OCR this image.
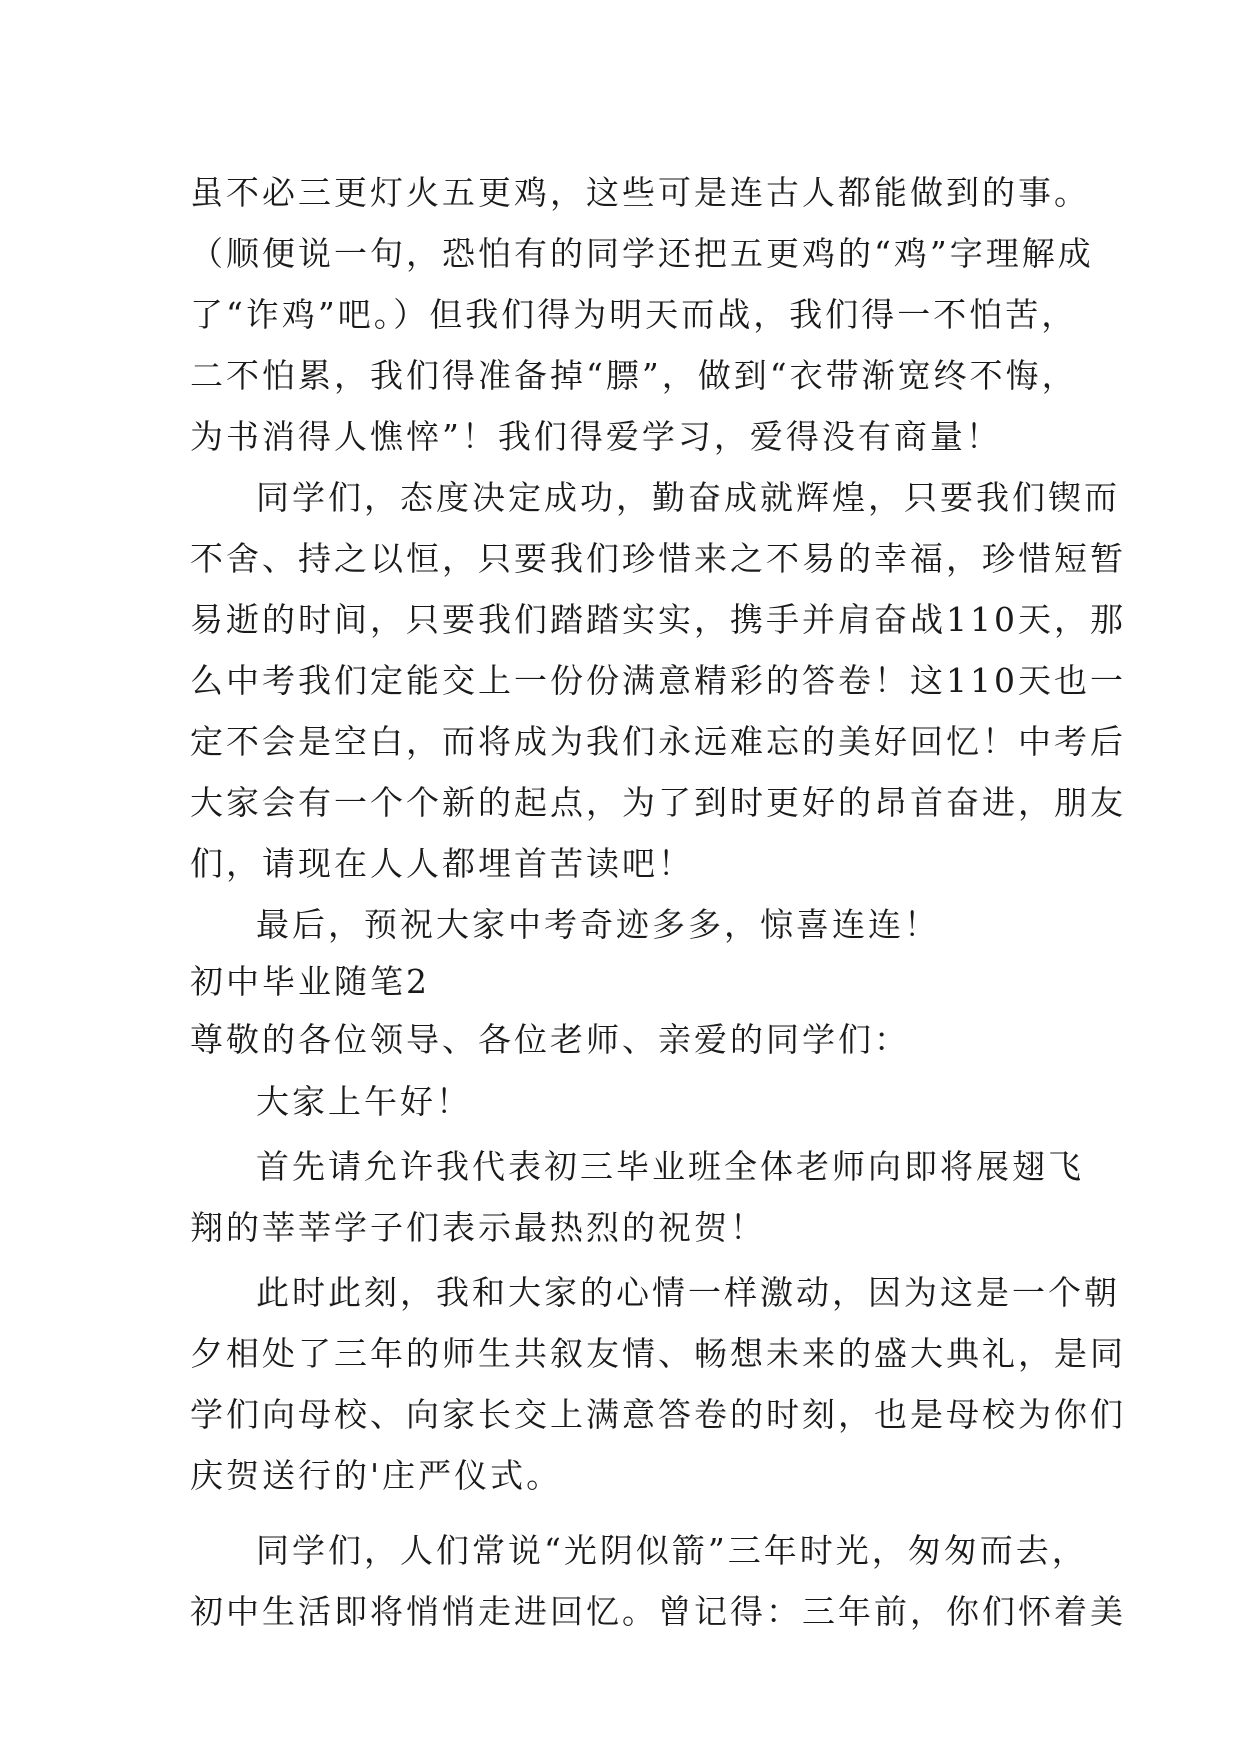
虽不必三更灯火五更鸡，这些可是连古人都能做到的事。
（顺便说一句，恐怕有的同学还把五更鸡的“鸡”字理解成
了“诈鸡”吧。）但我们得为明天而战，我们得一不怕苦，
二不怕累，我们得准备掉“膘”，做到“衣带渐宽终不悔，
为书消得人憔悴”！我们得爱学习，爱得没有商量！
同学们，态度决定成功，勤奋成就辉煌，只要我们锲而
不舍、持之以恒，只要我们珍惜来之不易的幸福，珍惜短暂
易逝的时间，只要我们踏踏实实，携手并肩奋战110天，那
么中考我们定能交上一份份满意精彩的答卷！这110天也一
定不会是空白，而将成为我们永远难忘的美好回忆！中考后
大家会有一个个新的起点，为了到时更好的昂首奋进，朋友
们，请现在人人都埋首苦读吧！
最后，预祝大家中考奇迹多多，惊喜连连！
初中毕业随笔2
尊敬的各位领导、各位老师、亲爱的同学们：
大家上午好！
首先请允许我代表初三毕业班全体老师向即将展翅飞
翔的莘莘学子们表示最热烈的祝贺！
此时此刻，我和大家的心情一样激动，因为这是一个朝
夕相处了三年的师生共叙友情、畅想未来的盛大典礼，是同
学们向母校、向家长交上满意答卷的时刻，也是母校为你们
庆贺送行的'庄严仪式。
同学们，人们常说“光阴似箭”三年时光，匆匆而去，
初中生活即将悄悄走进回忆。曾记得：三年前，你们怀着美
